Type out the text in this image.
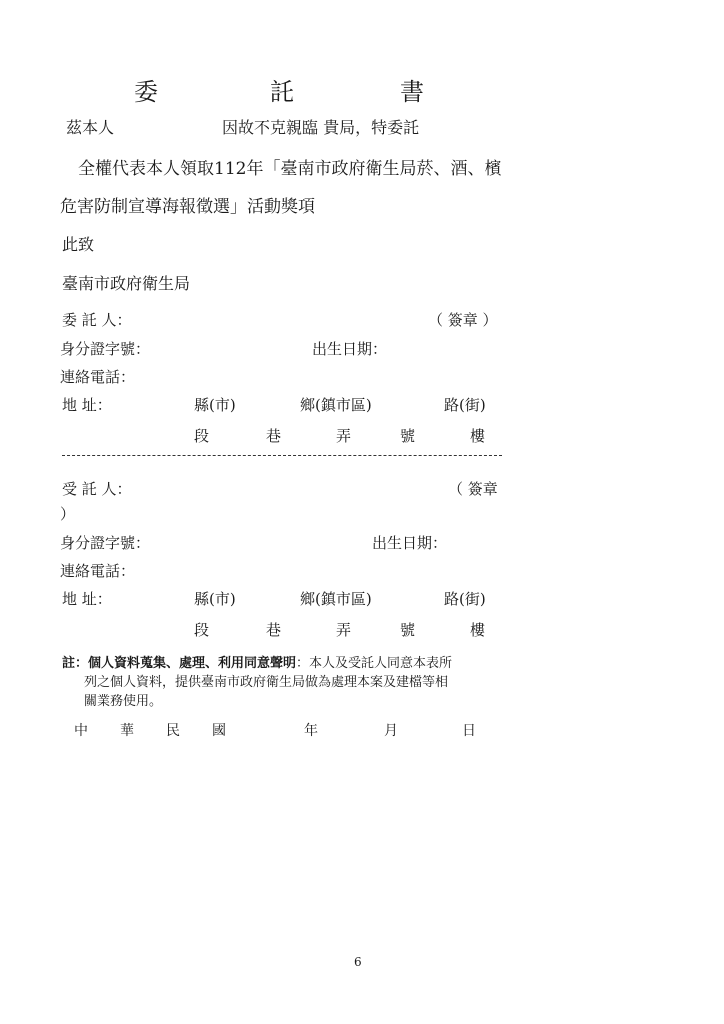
委	託	書
茲本人	因故不克親臨 貴局，特委託
全權代表本人領取112年「臺南市政府衛生局菸、酒、檳
危害防制宣導海報徵選」活動獎項
此致
臺南市政府衛生局
委 託 人：	（ 簽章 ）
身分證字號：	出生日期：
連絡電話：
地 址：	縣(市)	鄉(鎮市區)	路(街)
段	巷	弄	號	樓
受 託 人：	（ 簽章
）
身分證字號：	出生日期：
連絡電話：
地 址：	縣(市)	鄉(鎮市區)	路(街)
段	巷	弄	號	樓
註：個人資料蒐集、處理、利用同意聲明：本人及受託人同意本表所
列之個人資料，提供臺南市政府衛生局做為處理本案及建檔等相
關業務使用。
中 華 民 國	年	月	日
6
